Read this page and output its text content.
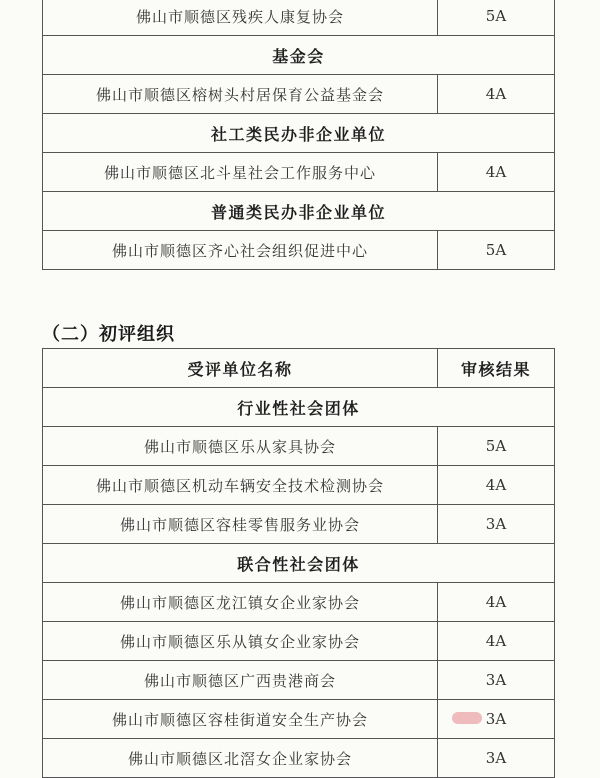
佛山市顺德区残疾人康复协会	5A
基金会	
佛山市顺德区榕树头村居保育公益基金会	4A
社工类民办非企业单位	
佛山市顺德区北斗星社会工作服务中心	4A
普通类民办非企业单位	
佛山市顺德区齐心社会组织促进中心	5A
（二）初评组织
受评单位名称	审核结果
行业性社会团体	
佛山市顺德区乐从家具协会	5A
佛山市顺德区机动车辆安全技术检测协会	4A
佛山市顺德区容桂零售服务业协会	3A
联合性社会团体	
佛山市顺德区龙江镇女企业家协会	4A
佛山市顺德区乐从镇女企业家协会	4A
佛山市顺德区广西贵港商会	3A
佛山市顺德区容桂街道安全生产协会	3A
佛山市顺德区北滘女企业家协会	3A
